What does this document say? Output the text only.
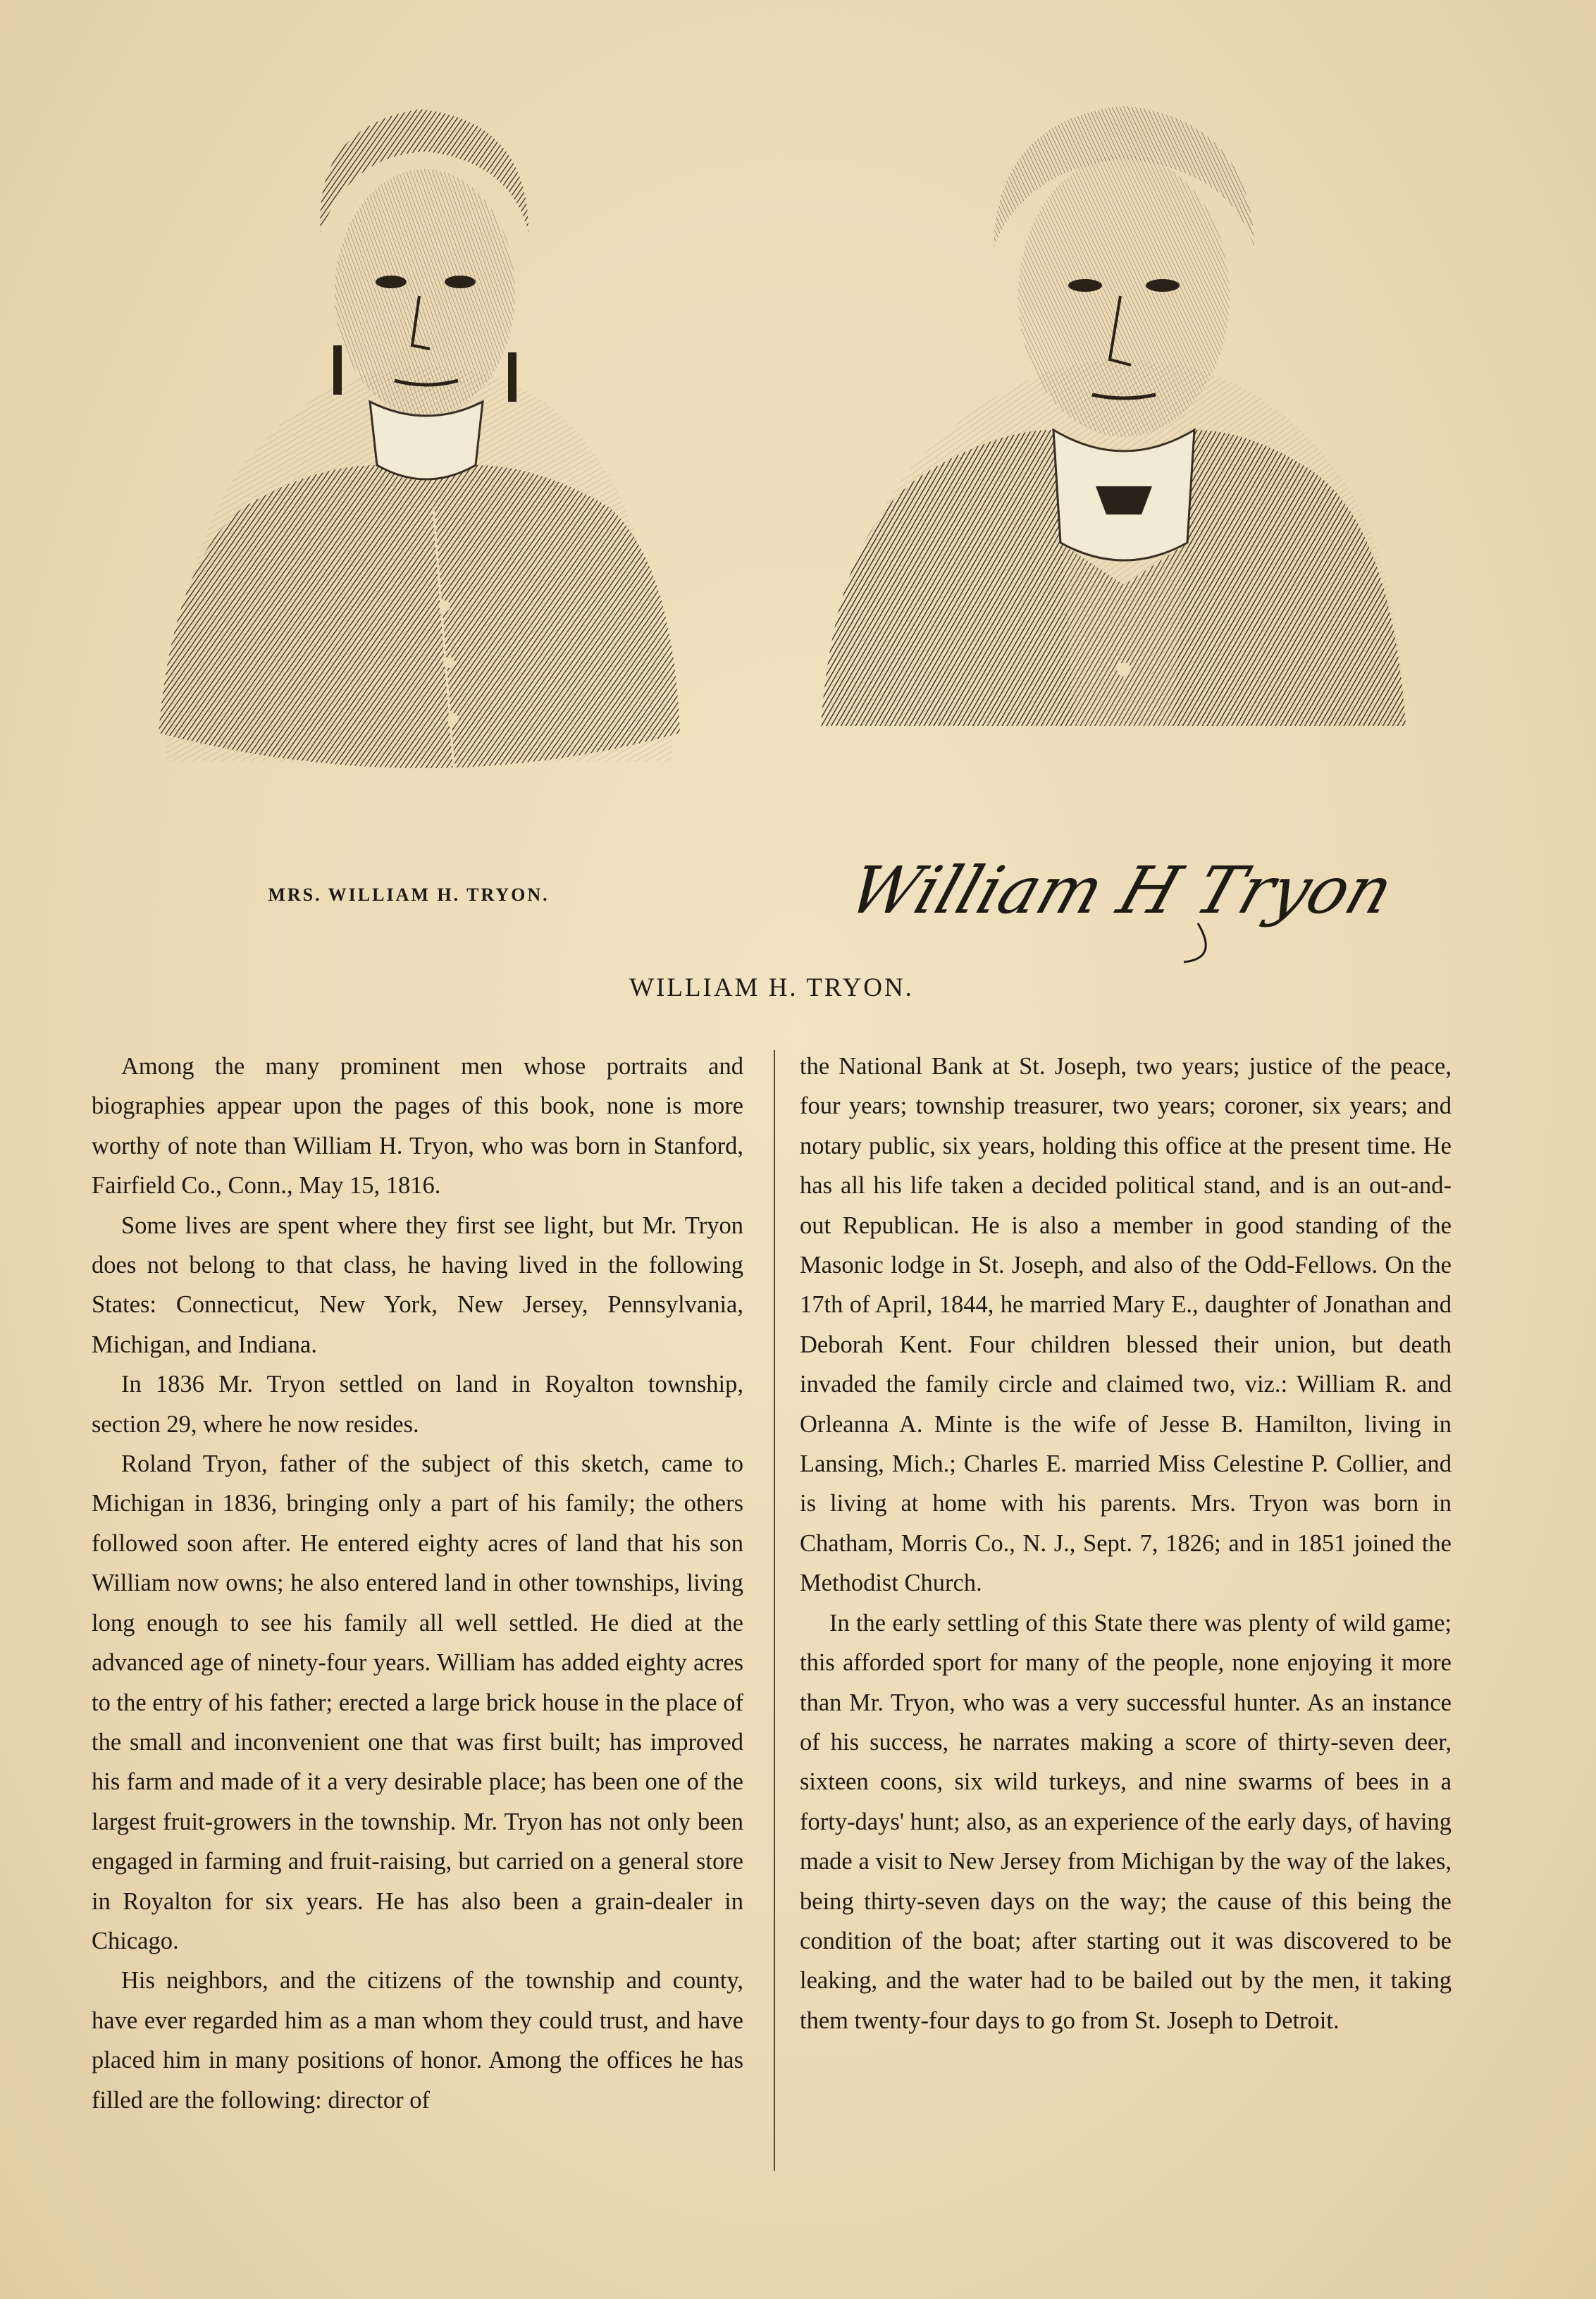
MRS. WILLIAM H. TRYON.	William H Tryon
WILLIAM H. TRYON.

Among the many prominent men whose portraits and biographies appear upon the pages of this book, none is more worthy of note than William H. Tryon, who was born in Stanford, Fairfield Co., Conn., May 15, 1816.

Some lives are spent where they first see light, but Mr. Tryon does not belong to that class, he having lived in the following States: Connecticut, New York, New Jersey, Pennsylvania, Michigan, and Indiana.

In 1836 Mr. Tryon settled on land in Royalton township, section 29, where he now resides.

Roland Tryon, father of the subject of this sketch, came to Michigan in 1836, bringing only a part of his family; the others followed soon after. He entered eighty acres of land that his son William now owns; he also entered land in other townships, living long enough to see his family all well settled. He died at the advanced age of ninety-four years. William has added eighty acres to the entry of his father; erected a large brick house in the place of the small and inconvenient one that was first built; has improved his farm and made of it a very desirable place; has been one of the largest fruit-growers in the township. Mr. Tryon has not only been engaged in farming and fruit-raising, but carried on a general store in Royalton for six years. He has also been a grain-dealer in Chicago.

His neighbors, and the citizens of the township and county, have ever regarded him as a man whom they could trust, and have placed him in many positions of honor. Among the offices he has filled are the following: director of

the National Bank at St. Joseph, two years; justice of the peace, four years; township treasurer, two years; coroner, six years; and notary public, six years, holding this office at the present time. He has all his life taken a decided political stand, and is an out-and-out Republican. He is also a member in good standing of the Masonic lodge in St. Joseph, and also of the Odd-Fellows. On the 17th of April, 1844, he married Mary E., daughter of Jonathan and Deborah Kent. Four children blessed their union, but death invaded the family circle and claimed two, viz.: William R. and Orleanna A. Minte is the wife of Jesse B. Hamilton, living in Lansing, Mich.; Charles E. married Miss Celestine P. Collier, and is living at home with his parents. Mrs. Tryon was born in Chatham, Morris Co., N. J., Sept. 7, 1826; and in 1851 joined the Methodist Church.

In the early settling of this State there was plenty of wild game; this afforded sport for many of the people, none enjoying it more than Mr. Tryon, who was a very successful hunter. As an instance of his success, he narrates making a score of thirty-seven deer, sixteen coons, six wild turkeys, and nine swarms of bees in a forty-days' hunt; also, as an experience of the early days, of having made a visit to New Jersey from Michigan by the way of the lakes, being thirty-seven days on the way; the cause of this being the condition of the boat; after starting out it was discovered to be leaking, and the water had to be bailed out by the men, it taking them twenty-four days to go from St. Joseph to Detroit.
